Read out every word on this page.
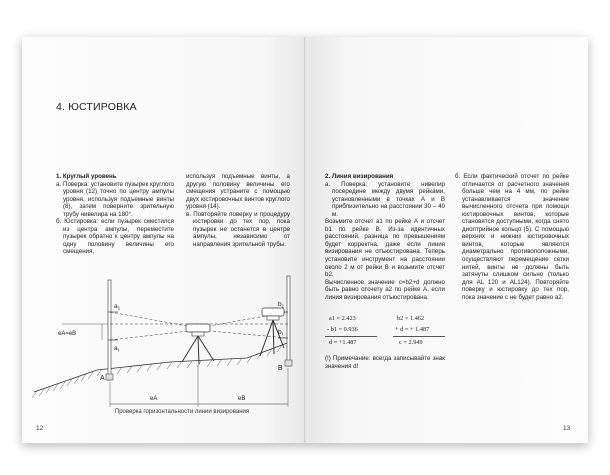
4. ЮСТИРОВКА

1. Круглый уровень

a. Поверка: установите пузырек круглого уровня (12) точно по центру ампулы уровня, используя подъемные винты (8), затем поверните зрительную трубу нивелира на 180°.

б. Юстировка: если пузырек сместился из центра ампулы, переместите пузырек обратно к центру ампулы на одну половину величины его смещения,

используя подъемные винты, а другую половину величины его смещения устраните с помощью двух юстировочных винтов круглого уровня (14).

в. Повторяйте поверку и процедуру юстировки до тех пор, пока пузырек не останется в центре ампулы, независимо от направления зрительной трубы.

$a_1$
$a_I$
$b_1$
$b_I$
eA=eB
A
B
eA	eB
Проверка горизонтальности линии визирования
12

2. Линия визирования

a. Поверка: установите нивелир посередине между двумя рейками, установленными в точках А и В приблизительно на расстоянии 30 – 40 м.

Возьмите отсчет a1 по рейке А и отсчет b1 по рейке В. Из-за идентичных расстояний, разница по превышениям будет корректна, даже если линия визирования не отъюстирована. Теперь установите инструмент на расстоянии около 2 м от рейки В и возьмите отсчет b2.

Вычисленное значение c=b2+d должно быть равно отсчету a2 по рейке А, если линия визирования отъюстирована.

a1 = 2.423	b2 = 1.462
- b1 = 0.936	+ d = + 1.487
d = +1.487	c = 2.949

(!) Примечание: всегда записывайте знак значения d!

б. Если фактический отсчет по рейке отличается от расчетного значения больше чем на 4 мм, по рейке устанавливается значение вычисленного отсчета при помощи юстировочных винтов, которые становятся доступными, когда снято диоптрийное кольцо (5). С помощью верхних и нижних юстировочных винтов, которые являются диаметрально противоположными, осуществляют перемещение сетки нитей, винты не должны быть затянуты слишком сильно (только для AL 120 и AL124). Повторяйте поверку и юстировку до тех пор, пока значение c не будет равно a2.

13
